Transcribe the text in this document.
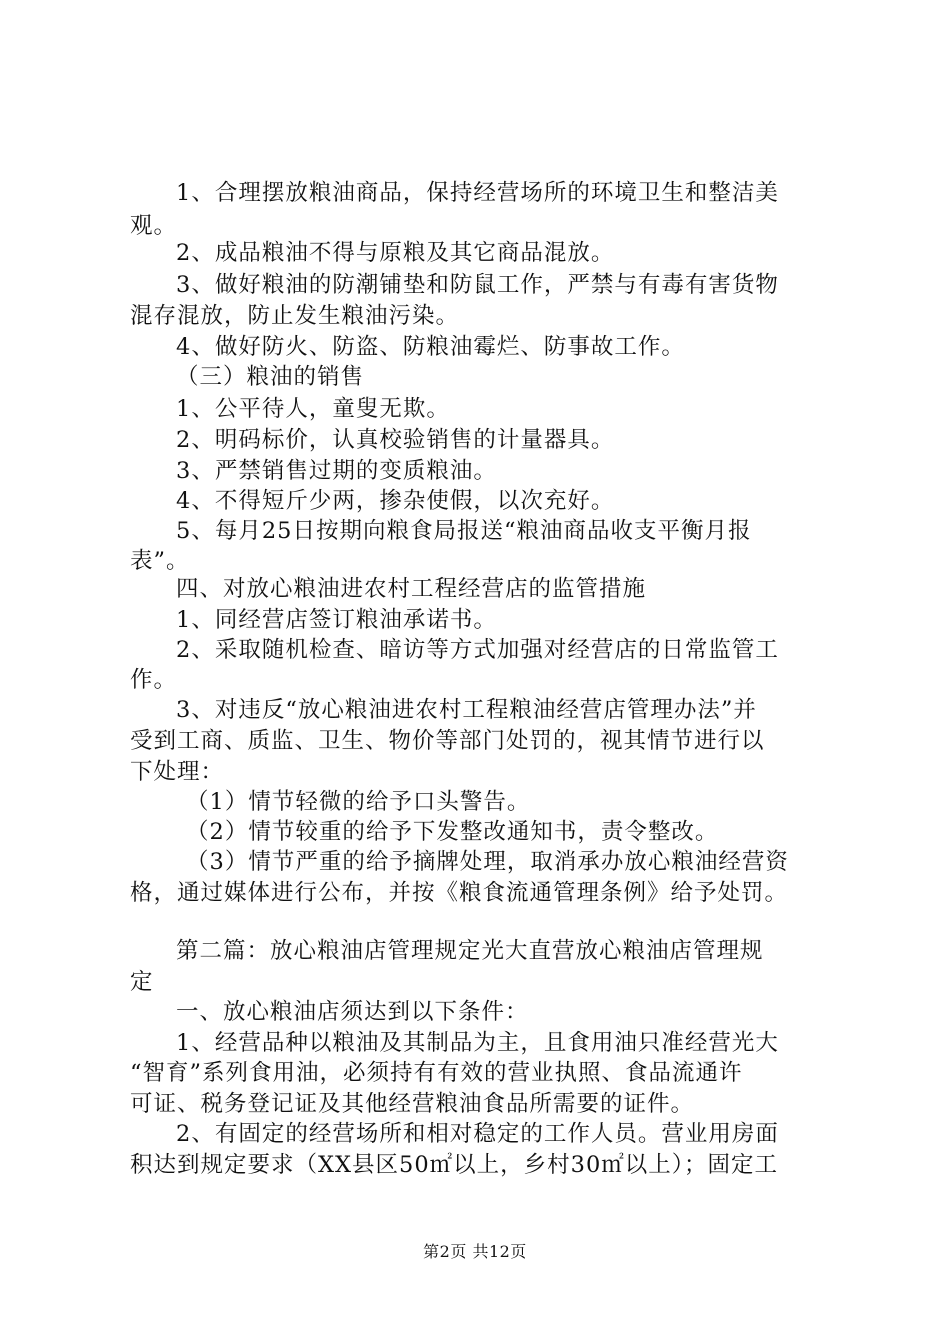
1、合理摆放粮油商品，保持经营场所的环境卫生和整洁美
观。
2、成品粮油不得与原粮及其它商品混放。
3、做好粮油的防潮铺垫和防鼠工作，严禁与有毒有害货物
混存混放，防止发生粮油污染。
4、做好防火、防盗、防粮油霉烂、防事故工作。
（三）粮油的销售
1、公平待人，童叟无欺。
2、明码标价，认真校验销售的计量器具。
3、严禁销售过期的变质粮油。
4、不得短斤少两，掺杂使假，以次充好。
5、每月25日按期向粮食局报送“粮油商品收支平衡月报
表”。
四、对放心粮油进农村工程经营店的监管措施
1、同经营店签订粮油承诺书。
2、采取随机检查、暗访等方式加强对经营店的日常监管工
作。
3、对违反“放心粮油进农村工程粮油经营店管理办法”并
受到工商、质监、卫生、物价等部门处罚的，视其情节进行以
下处理：
（1）情节轻微的给予口头警告。
（2）情节较重的给予下发整改通知书，责令整改。
（3）情节严重的给予摘牌处理，取消承办放心粮油经营资
格，通过媒体进行公布，并按《粮食流通管理条例》给予处罚。
第二篇：放心粮油店管理规定光大直营放心粮油店管理规
定
一、放心粮油店须达到以下条件：
1、经营品种以粮油及其制品为主，且食用油只准经营光大
“智育”系列食用油，必须持有有效的营业执照、食品流通许
可证、税务登记证及其他经营粮油食品所需要的证件。
2、有固定的经营场所和相对稳定的工作人员。营业用房面
积达到规定要求（XX县区50㎡以上，乡村30㎡以上）；固定工
第2页 共12页
